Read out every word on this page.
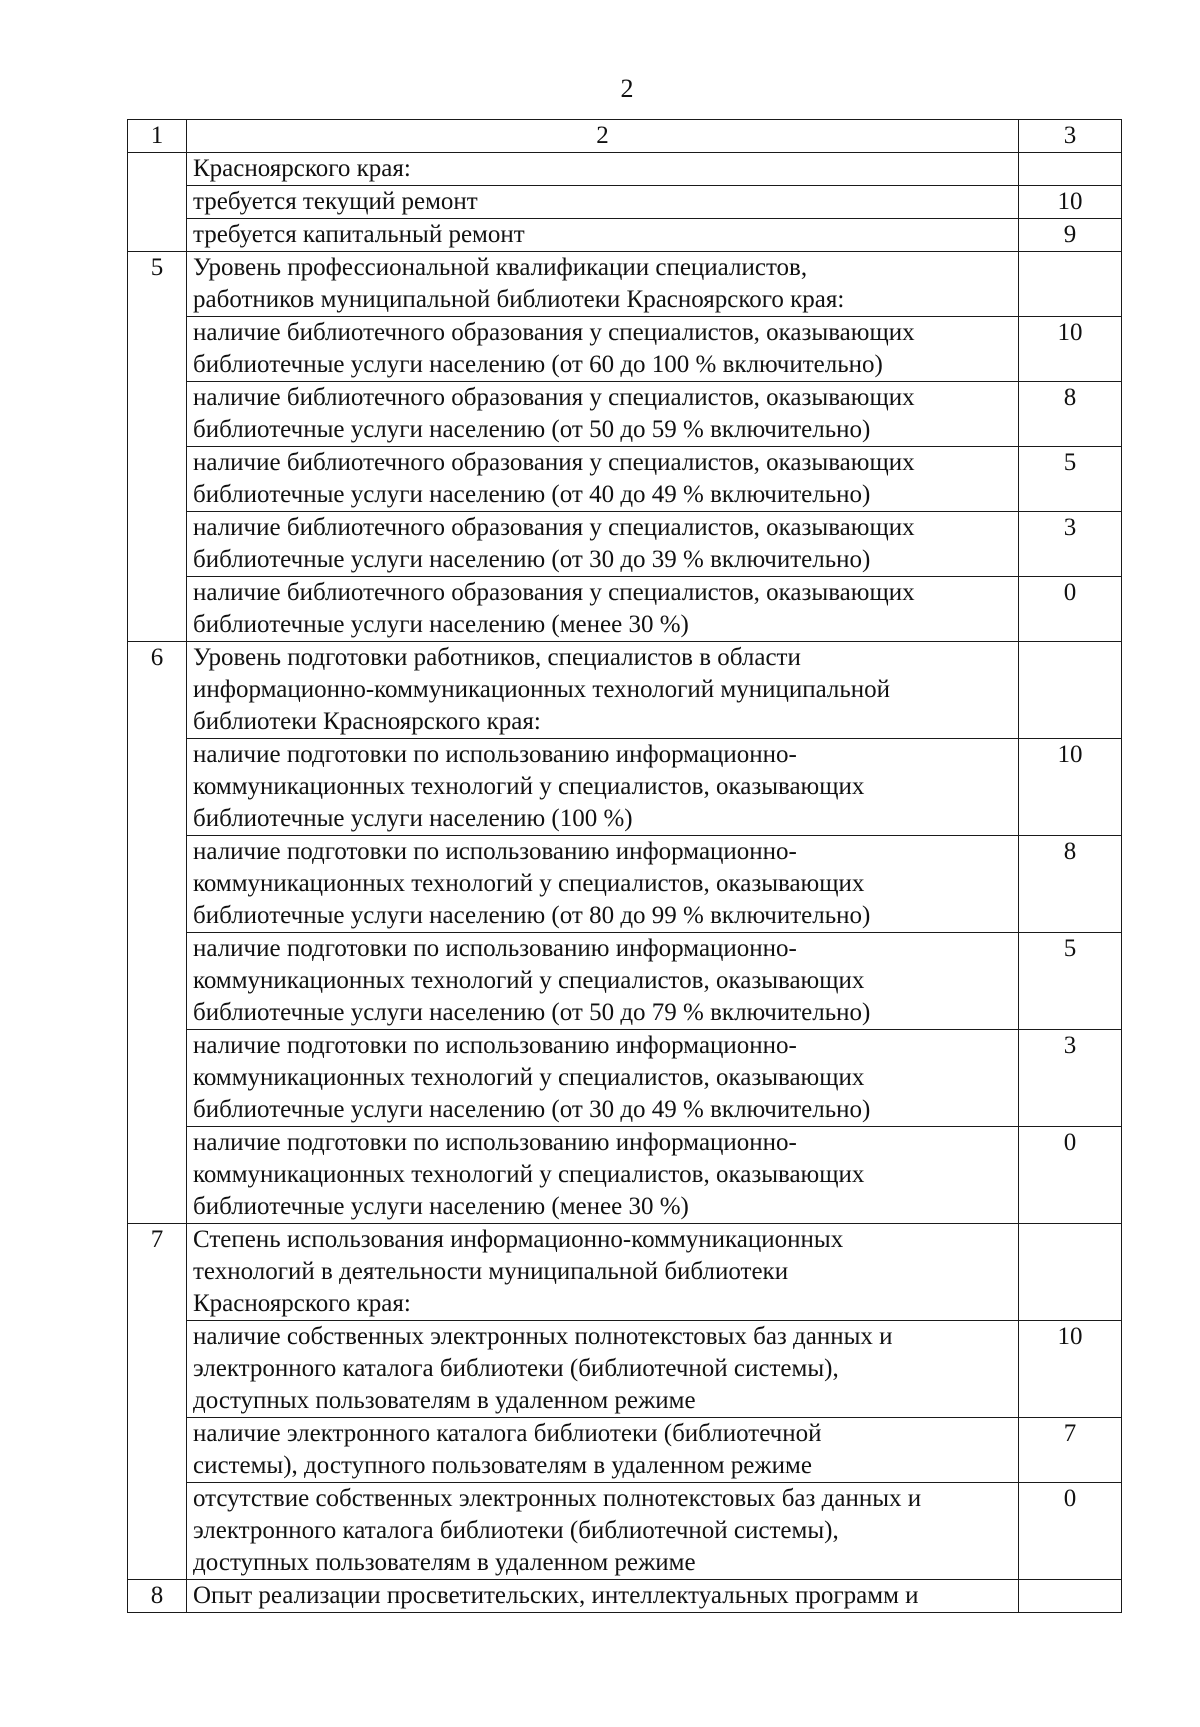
2
1	2	3

	Красноярского края:	

	требуется текущий ремонт	10

	требуется капитальный ремонт	9
5	Уровень профессиональной квалификации специалистов,
работников муниципальной библиотеки Красноярского края:	

	наличие библиотечного образования у специалистов, оказывающих
библиотечные услуги населению (от 60 до 100 % включительно)	10

	наличие библиотечного образования у специалистов, оказывающих
библиотечные услуги населению (от 50 до 59 % включительно)	8

	наличие библиотечного образования у специалистов, оказывающих
библиотечные услуги населению (от 40 до 49 % включительно)	5

	наличие библиотечного образования у специалистов, оказывающих
библиотечные услуги населению (от 30 до 39 % включительно)	3

	наличие библиотечного образования у специалистов, оказывающих
библиотечные услуги населению (менее 30 %)	0
6	Уровень подготовки работников, специалистов в области
информационно-коммуникационных технологий муниципальной
библиотеки Красноярского края:	

	наличие подготовки по использованию информационно-
коммуникационных технологий у специалистов, оказывающих
библиотечные услуги населению (100 %)	10

	наличие подготовки по использованию информационно-
коммуникационных технологий у специалистов, оказывающих
библиотечные услуги населению (от 80 до 99 % включительно)	8

	наличие подготовки по использованию информационно-
коммуникационных технологий у специалистов, оказывающих
библиотечные услуги населению (от 50 до 79 % включительно)	5

	наличие подготовки по использованию информационно-
коммуникационных технологий у специалистов, оказывающих
библиотечные услуги населению (от 30 до 49 % включительно)	3

	наличие подготовки по использованию информационно-
коммуникационных технологий у специалистов, оказывающих
библиотечные услуги населению (менее 30 %)	0
7	Степень использования информационно-коммуникационных
технологий в деятельности муниципальной библиотеки
Красноярского края:	

	наличие собственных электронных полнотекстовых баз данных и
электронного каталога библиотеки (библиотечной системы),
доступных пользователям в удаленном режиме	10

	наличие электронного каталога библиотеки (библиотечной
системы), доступного пользователям в удаленном режиме	7

	отсутствие собственных электронных полнотекстовых баз данных и
электронного каталога библиотеки (библиотечной системы),
доступных пользователям в удаленном режиме	0
8	Опыт реализации просветительских, интеллектуальных программ и	
